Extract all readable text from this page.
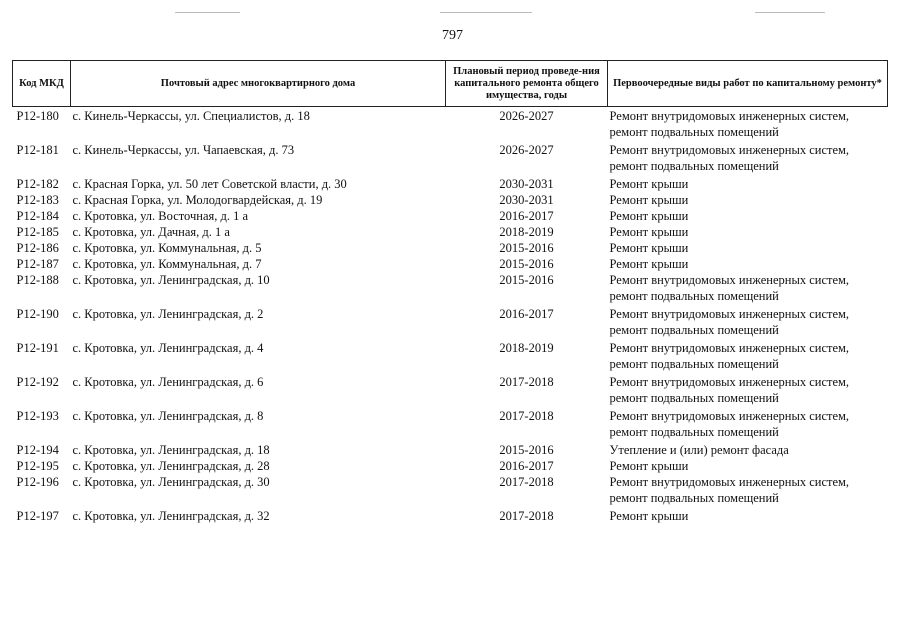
797
Код МКД	Почтовый адрес многоквартирного дома	Плановый период проведе-ния капитального ремонта общего имущества, годы	Первоочередные виды работ по капитальному ремонту*
Р12-180	с. Кинель-Черкассы, ул. Специалистов, д. 18	2026-2027	Ремонт внутридомовых инженерных систем,
ремонт подвальных помещений

Р12-181	с. Кинель-Черкассы, ул. Чапаевская, д. 73	2026-2027	Ремонт внутридомовых инженерных систем,
ремонт подвальных помещений

Р12-182	с. Красная Горка, ул. 50 лет Советской власти, д. 30	2030-2031	Ремонт крыши

Р12-183	с. Красная Горка, ул. Молодогвардейская, д. 19	2030-2031	Ремонт крыши

Р12-184	с. Кротовка, ул. Восточная, д. 1 а	2016-2017	Ремонт крыши

Р12-185	с. Кротовка, ул. Дачная, д. 1 а	2018-2019	Ремонт крыши

Р12-186	с. Кротовка, ул. Коммунальная, д. 5	2015-2016	Ремонт крыши

Р12-187	с. Кротовка, ул. Коммунальная, д. 7	2015-2016	Ремонт крыши

Р12-188	с. Кротовка, ул. Ленинградская, д. 10	2015-2016	Ремонт внутридомовых инженерных систем,
ремонт подвальных помещений

Р12-190	с. Кротовка, ул. Ленинградская, д. 2	2016-2017	Ремонт внутридомовых инженерных систем,
ремонт подвальных помещений

Р12-191	с. Кротовка, ул. Ленинградская, д. 4	2018-2019	Ремонт внутридомовых инженерных систем,
ремонт подвальных помещений

Р12-192	с. Кротовка, ул. Ленинградская, д. 6	2017-2018	Ремонт внутридомовых инженерных систем,
ремонт подвальных помещений

Р12-193	с. Кротовка, ул. Ленинградская, д. 8	2017-2018	Ремонт внутридомовых инженерных систем,
ремонт подвальных помещений

Р12-194	с. Кротовка, ул. Ленинградская, д. 18	2015-2016	Утепление и (или) ремонт фасада

Р12-195	с. Кротовка, ул. Ленинградская, д. 28	2016-2017	Ремонт крыши

Р12-196	с. Кротовка, ул. Ленинградская, д. 30	2017-2018	Ремонт внутридомовых инженерных систем,
ремонт подвальных помещений

Р12-197	с. Кротовка, ул. Ленинградская, д. 32	2017-2018	Ремонт крыши
